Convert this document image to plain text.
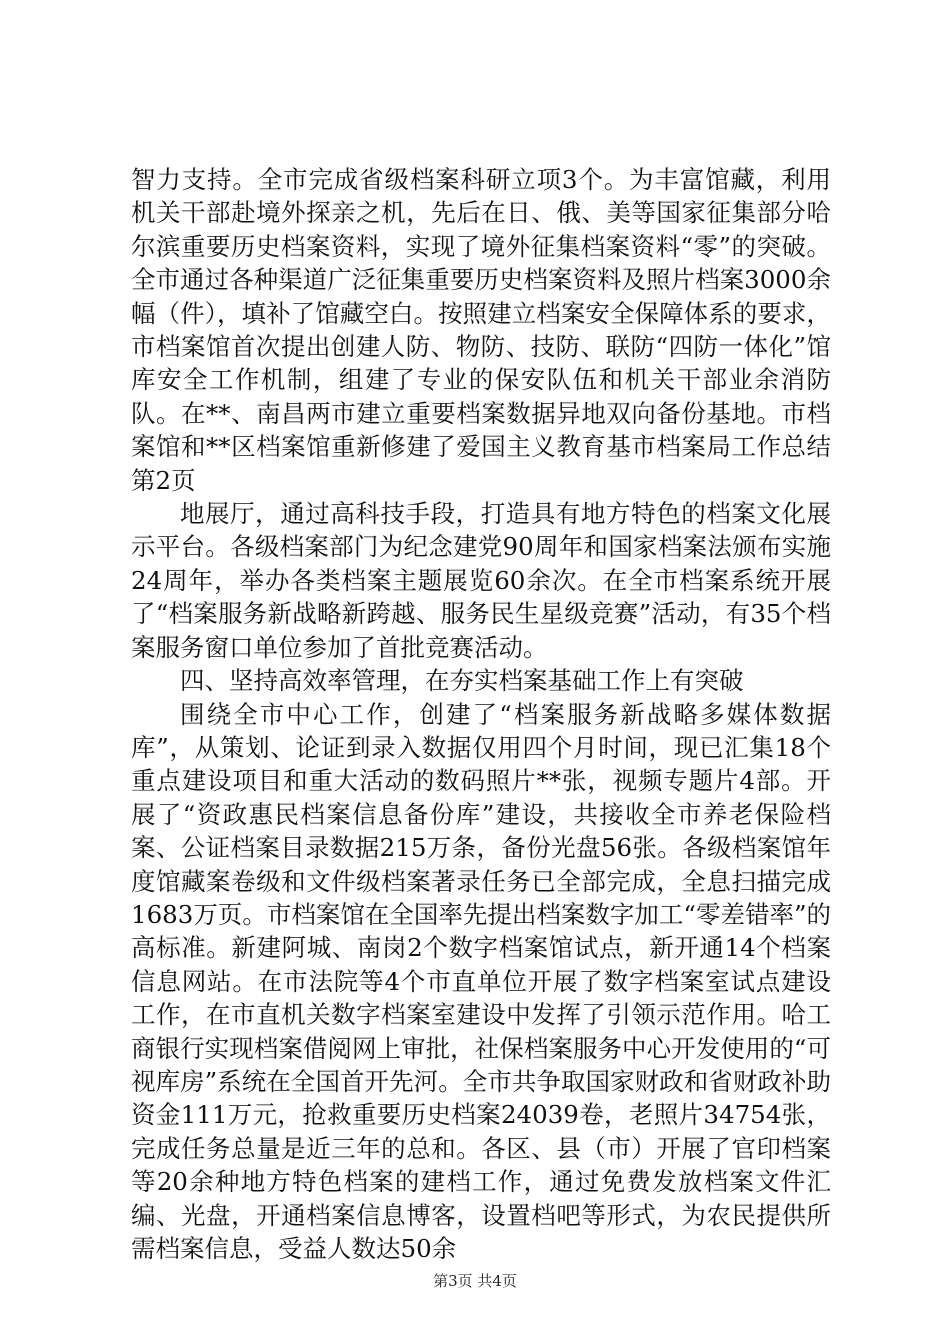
智力支持。全市完成省级档案科研立项3个。为丰富馆藏，利用机关干部赴境外探亲之机，先后在日、俄、美等国家征集部分哈尔滨重要历史档案资料，实现了境外征集档案资料“零”的突破。全市通过各种渠道广泛征集重要历史档案资料及照片档案3000余幅（件），填补了馆藏空白。按照建立档案安全保障体系的要求，市档案馆首次提出创建人防、物防、技防、联防“四防一体化”馆库安全工作机制，组建了专业的保安队伍和机关干部业余消防队。在**、南昌两市建立重要档案数据异地双向备份基地。市档案馆和**区档案馆重新修建了爱国主义教育基市档案局工作总结第2页

地展厅，通过高科技手段，打造具有地方特色的档案文化展示平台。各级档案部门为纪念建党90周年和国家档案法颁布实施24周年，举办各类档案主题展览60余次。在全市档案系统开展了“档案服务新战略新跨越、服务民生星级竞赛”活动，有35个档案服务窗口单位参加了首批竞赛活动。

四、坚持高效率管理，在夯实档案基础工作上有突破

围绕全市中心工作，创建了“档案服务新战略多媒体数据库”，从策划、论证到录入数据仅用四个月时间，现已汇集18个重点建设项目和重大活动的数码照片**张，视频专题片4部。开展了“资政惠民档案信息备份库”建设，共接收全市养老保险档案、公证档案目录数据215万条，备份光盘56张。各级档案馆年度馆藏案卷级和文件级档案著录任务已全部完成，全息扫描完成1683万页。市档案馆在全国率先提出档案数字加工“零差错率”的高标准。新建阿城、南岗2个数字档案馆试点，新开通14个档案信息网站。在市法院等4个市直单位开展了数字档案室试点建设工作，在市直机关数字档案室建设中发挥了引领示范作用。哈工商银行实现档案借阅网上审批，社保档案服务中心开发使用的“可视库房”系统在全国首开先河。全市共争取国家财政和省财政补助资金111万元，抢救重要历史档案24039卷，老照片34754张，完成任务总量是近三年的总和。各区、县（市）开展了官印档案等20余种地方特色档案的建档工作，通过免费发放档案文件汇编、光盘，开通档案信息博客，设置档吧等形式，为农民提供所需档案信息，受益人数达50余

第3页 共4页
